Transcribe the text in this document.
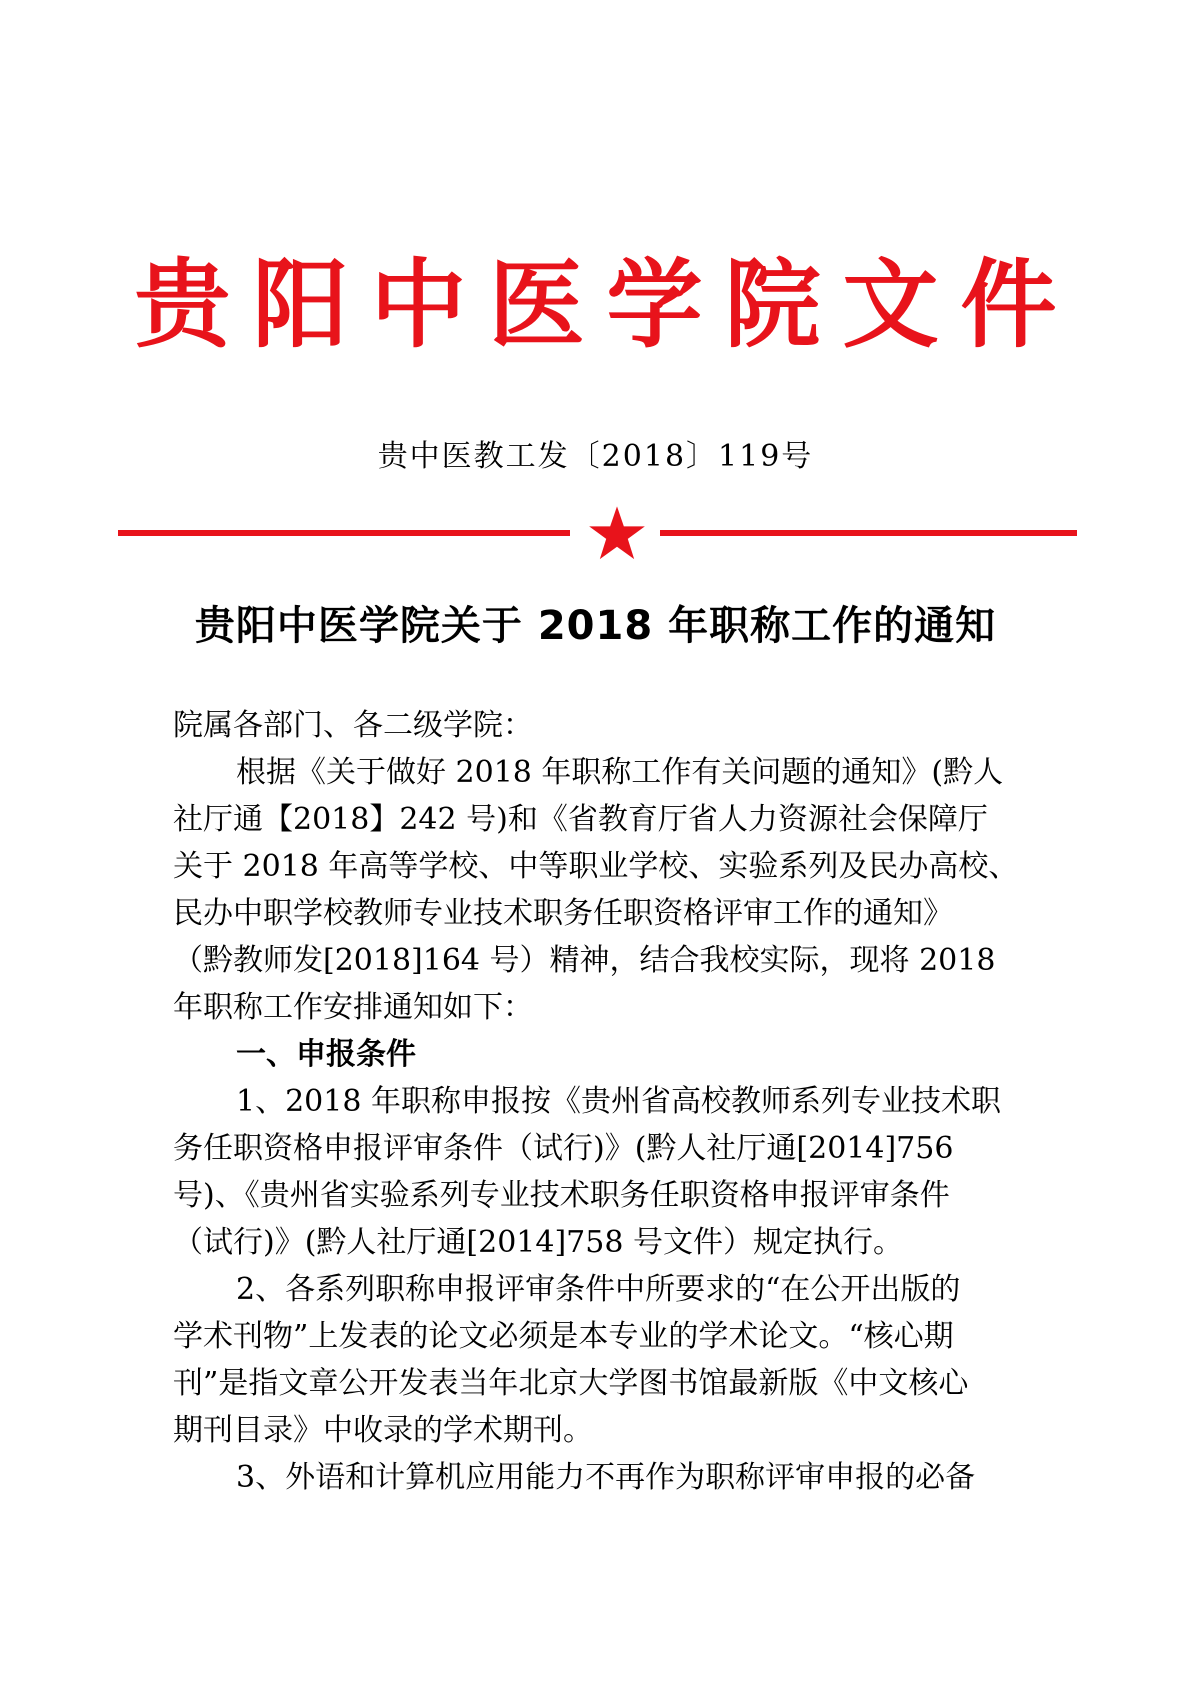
贵阳中医学院文件
贵中医教工发〔2018〕119号
贵阳中医学院关于 2018 年职称工作的通知
院属各部门、各二级学院：
根据《关于做好 2018 年职称工作有关问题的通知》(黔人
社厅通【2018】242 号)和《省教育厅省人力资源社会保障厅
关于 2018 年高等学校、中等职业学校、实验系列及民办高校、
民办中职学校教师专业技术职务任职资格评审工作的通知》
（黔教师发[2018]164 号）精神，结合我校实际，现将 2018
年职称工作安排通知如下：
一、申报条件
1、2018 年职称申报按《贵州省高校教师系列专业技术职
务任职资格申报评审条件（试行)》(黔人社厅通[2014]756
号)、《贵州省实验系列专业技术职务任职资格申报评审条件
（试行)》(黔人社厅通[2014]758 号文件）规定执行。
2、各系列职称申报评审条件中所要求的“在公开出版的
学术刊物”上发表的论文必须是本专业的学术论文。“核心期
刊”是指文章公开发表当年北京大学图书馆最新版《中文核心
期刊目录》中收录的学术期刊。
3、外语和计算机应用能力不再作为职称评审申报的必备
